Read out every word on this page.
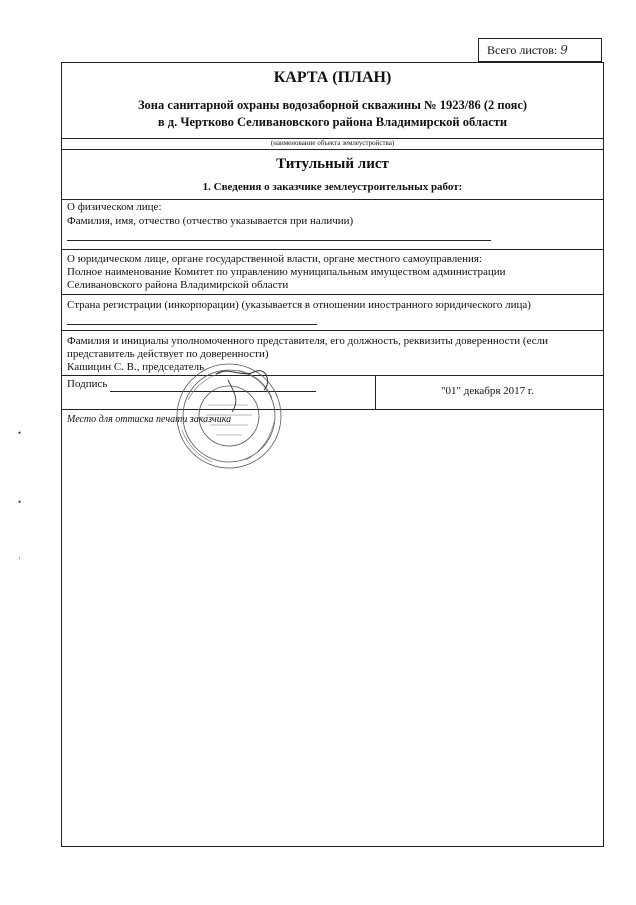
Всего листов: 9
КАРТА (ПЛАН)
Зона санитарной охраны водозаборной скважины № 1923/86 (2 пояс)
в д. Чертково Селивановского района Владимирской области
(наименование объекта землеустройства)
Титульный лист
1. Сведения о заказчике землеустроительных работ:
О физическом лице:
Фамилия, имя, отчество (отчество указывается при наличии)
О юридическом лице, органе государственной власти, органе местного самоуправления:
Полное наименование Комитет по управлению муниципальным имуществом администрации
Селивановского района Владимирской области
Страна регистрации (инкорпорации) (указывается в отношении иностранного юридического лица)
Фамилия и инициалы уполномоченного представителя, его должность, реквизиты доверенности (если
представитель действует по доверенности)
Кашицин С. В., председатель
Подпись
"01" декабря 2017 г.
Место для оттиска печати заказчика
•
•
·
